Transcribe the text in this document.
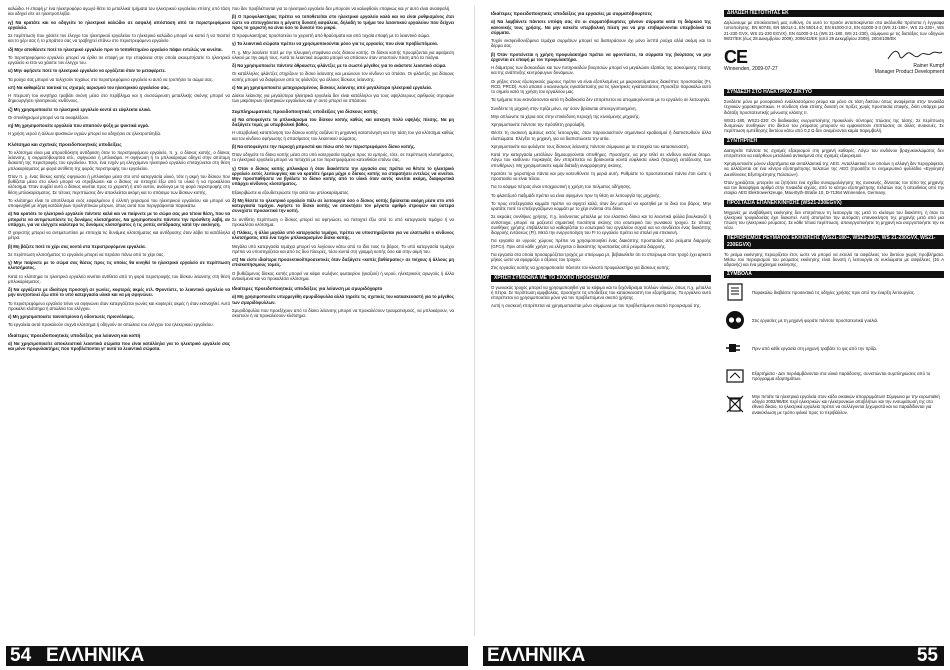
καλώδιο. Η επαφή μ' ένα ηλεκτροφόρο αγωγό θέτει τα μεταλλικά τμήματα του ηλεκτρικού εργαλείου επίσης υπό τάση και οδηγεί είτε σε ηλεκτροπληξία.

ιγ) Να κρατάτε και να οδηγείτε το ηλεκτρικό καλώδιο σε ασφαλή απόσταση από τα περιστρεφόμενα εργαλεία.

Σε περίπτωση που χάσετε τον έλεγχο του ηλεκτρικού εργαλείου το ηλεκτρικό καλώδιο μπορεί να κοπεί ή να πιαστεί και το χέρι σας ή το μπράτσο σας να τραβηχτεί επάνω στο περιστρεφόμενο εργαλείο.

ιδ) Μην αποθέσετε ποτέ το ηλεκτρικό εργαλείο πριν το τοποθετημένο εργαλείο πάψει εντελώς να κινείται.

Το περιστρεφόμενο εργαλείο μπορεί να έρθει σε επαφή με την επιφάνεια στην οποία ακουμπήσατε το ηλεκτρικό εργαλείο κι έτσι να χάσετε τον έλεγχο του.

ιε) Μην αφήσετε ποτέ το ηλεκτρικό εργαλείο να εργάζεται όταν το μεταφέρετε.

Τα ρούχα σας μπορεί να τυλιχτούν τυχαίως στο περιστρεφόμενο εργαλείο κι αυτό να τρυπήσει το σώμα σας.

ιστ) Να καθαρίζετε τακτικά τις σχισμές αερισμού του ηλεκτρικού εργαλείου σας.

Η πτερωτή του κινητήρα τραβάει σκόνη μέσα στο περίβλημα και η συσσώρευση μεταλλικής σκόνης μπορεί να δημιουργήσει ηλεκτρικούς κινδύνους.

ιζ) Μη χρησιμοποιείτε το ηλεκτρικό εργαλείο κοντά σε εύφλεκτα υλικά.

Οι σπινθηρισμοί μπορεί να τα αναφλέξουν.

ιη) Μη χρησιμοποιείτε εργαλεία που απαιτούν ψύξη με ψυκτικά υγρά.

Η χρήση νερού ή άλλων ψυκτικών υγρών μπορεί να οδηγήσει σε ηλεκτροπληξία.

Κλότσημα και σχετικές προειδοποιητικές υποδείξεις

Το κλότσημα είναι μια απροσδόκητη αντίδραση όταν το περιστρεφόμενο εργαλείο, π. χ. ο δίσκος κοπής, ο δίσκος λείανσης, η συρματόβουρτσα κτλ., σφηνώσει ή μπλοκάρει. Η σφήνωση ή το μπλοκάρισμα οδηγεί στην απότομη διακοπή της περιστροφής του εργαλείου. Έτσι, ένα τυχόν μη ελεγχόμενο ηλεκτρικό εργαλείο επιταχύνεται στη θέση μπλοκαρίσματος με φορά αντίθετη της φοράς περιστροφής του εργαλείου.

Όταν π. χ. ένας δίσκος κοπής σφηνώσει ή μπλοκάρει μέσα στο υπό κατεργασία υλικό, τότε η ακμή του δίσκου που βυθίζεται μέσα στο υλικό μπορεί να στρεβλώσει και ο δίσκος να πεταχτεί έξω από το υλικό ή να προκαλέσει κλότσημα. Όταν συμβεί αυτό ο δίσκος κινείται προς το χειριστή ή από αυτόν, ανάλογα με τη φορά περιστροφής στη θέση μπλοκαρίσματος. Σε τέτοιες περιπτώσεις δεν αποκλείεται ακόμη και το σπάσιμο των δίσκων κοπής.

Το κλότσημα είναι το αποτέλεσμα ενός εσφαλμένου ή ελλιπή χειρισμού του ηλεκτρικού εργαλείου και μπορεί να αποφευχθεί με λήψη κατάλληλων προληπτικών μέτρων, όπως αυτά που περιγράφονται παρακάτω.

α) Να κρατάτε το ηλεκτρικό εργαλείο πάντοτε καλά και να παίρνετε με το σώμα σας μια τέτοια θέση, που να μπορείτε να αντιμετωπίσετε τις δυνάμεις κλοτσήματος. Να χρησιμοποιείτε πάντοτε την πρόσθετη λαβή, αν υπάρχει, για να ελέγχετε καλύτερα τις δυνάμεις κλοτσήματος ή τις ροπές αντίδρασης κατά την εκκίνηση.

Ο χειριστής μπορεί να αντιμετωπίσει με επιτυχία τις δυνάμεις κλοτσήματος και αντίδρασης όταν λάβει τα κατάλληλα μέτρα.

β) Μη βάζετε ποτέ το χέρι σας κοντά στα περιστρεφόμενα εργαλεία.

Σε περίπτωση κλοτσήματος το εργαλείο μπορεί να περάσει πάνω από το χέρι σας.

γ) Μην παίρνετε με το σώμα σας θέσεις προς τις οποίες θα κινηθεί το ηλεκτρικό εργαλείο σε περίπτωση κλοτσήματος.

Κατά το κλότσημα το ηλεκτρικό εργαλείο κινείται αντίθετα από τη φορά περιστροφής του δίσκου λείανσης στη θέση μπλοκαρίσματος.

δ) Να εργάζεστε με ιδιαίτερη προσοχή σε γωνίες, κοφτερές ακμές κτλ. Φροντίστε, το λειαντικό εργαλείο να μην κινητοποιεί έξω από το υπό κατεργασία υλικό και να μη σφηνώνει.

Το περιστρεφόμενο εργαλείο τείνει να σφηνώνει όταν κατεργάζεται γωνίες και κοφτερές ακμές ή όταν εκτιναχθεί. Αυτό προκαλεί κλότσημα ή απώλεια του ελέγχου.

ε) Μη χρησιμοποιείτε ταινιοπρίονα ή οδοντωτές πριονόλαμες.

Τα εργαλεία αυτά προκαλούν συχνά κλότσημα ή οδηγούν σε απώλεια του ελέγχου του ηλεκτρικού εργαλείου.

Ιδιαίτερες προειδοποιητικές υποδείξεις για λείανση και κοπή

α) Να χρησιμοποιείτε αποκλειστικά λειαντικά σώματα που είναι κατάλληλα για το ηλεκτρικό εργαλείο σας και μόνο προφυλακτήρες που προβλέπονται γι' αυτά τα λειαντικά σώματα.

που δεν προβλέπονται για το ηλεκτρικό εργαλείο δεν μπορούν να καλυφθούν επαρκώς και γι' αυτό είναι ανασφαλή.

β) Ο προφυλακτήρας πρέπει να τοποθετείται στο ηλεκτρικό εργαλείο καλά και να είναι ρυθμισμένος έτσι ώστε να επιτυγχάνεται η μέγιστη δυνατή ασφάλεια, δηλαδή το τμήμα του λειαντικού εργαλείου που δείχνει προς το χειριστή να είναι όσο το δυνατό πιο μικρό.

Ο προφυλακτήρας προστατεύει το χειριστή από θραύσματα και από τυχαία επαφή με το λειαντικό σώμα.

γ) Τα λειαντικά σώματα πρέπει να χρησιμοποιούνται μόνο για τις εργασίες που είναι προβλεπόμενα.

Π. χ. Μην λειαίνετε ποτέ με την πλευρική επιφάνεια ενός δίσκου κοπής. Οι δίσκοι κοπής προορίζονται για αφαίρεση υλικού με την ακμή τους. Αυτά τα λειαντικά σώματα μπορεί να σπάσουν όταν υποστούν πίεση από τα πλάγια.

δ) Να χρησιμοποιείτε πάντοτε άθραυστες φλάντζες με το σωστό μέγεθος για το εκάστοτε λειαντικό σώμα.

Οι κατάλληλες φλάντζες στηρίζουν το δίσκο λείανσης και μειώνουν τον κίνδυνο να σπάσει. Οι φλάντζες για δίσκους κοπής μπορεί να διαφέρουν από τις φλάντζες για άλλους δίσκους λείανσης.

ε) Να μη χρησιμοποιείτε μεταχειρισμένους δίσκους λείανσης από μεγαλύτερα ηλεκτρικά εργαλεία.

Δίσκοι λείανσης για μεγαλύτερα ηλεκτρικά εργαλεία δεν είναι κατάλληλοι για τους υψηλότερους αριθμούς στροφών των μικρότερων ηλεκτρικών εργαλείων και γι' αυτό μπορεί να σπάσουν.

Συμπληρωματικές προειδοποιητικές υποδείξεις για δίσκους κοπής

α) Να αποφεύγετε το μπλοκάρισμα του δίσκου κοπής καθώς και ασκηση πολύ υψηλής πίεσης. Να μη διεξάγετε τομές με υπερβολικό βάθος.

Η υπερβολική καταπόνηση του δίσκου κοπής αυξάνει τη μηχανική καταπόνηση και την τάση του για κλότσημα καθώς και τον κίνδυνο σφήνωσης ή σπασίματος του λειαντικού σώματος.

β) Να αποφεύγετε την περιοχή μπροστά και πίσω από τον περιστρεφόμενο δίσκο κοπής.

Όταν οδηγείτε το δίσκο κοπής μέσα στο υπό κατεργασία τεμάχιο προς τα εμπρός, τότε, σε περίπτωση κλοτσήματος, το ηλεκτρικό εργαλείο μπορεί να πεταχτεί με τον περιστρεφόμενο κατευθείαν επάνω σας.

γ) Όταν ο δίσκος κοπής μπλοκάρει ή όταν διακόπτετε την εργασία σας πρέπει να θέτετε το ηλεκτρικό εργαλείο εκτός λειτουργίας και να κρατάτε ήρεμα μέχρι ο δίσκος κοπής να σταματήσει εντελώς να κινείται. Μην προσπαθήσετε να βγάλετε το δίσκο κοπής από το υλικό όταν αυτός κινείται ακόμη, διαφορετικά υπάρχει κίνδυνος κλοτσήματος.

Εξακριβώστε κι εξουδετερώστε την αιτία του μπλοκαρίσματος.

δ) Μη θέσετε το ηλεκτρικό εργαλείο πάλι σε λειτουργία όσο ο δίσκος κοπής βρίσκεται ακόμη μέσα στο υπό κατεργασία τεμάχιο. Αφήστε το δίσκο κοπής να αποκτήσει τον μέγιστο αριθμό στροφών και ύστερα συνεχίστε προσεκτικά την κοπή.

Σε αντίθετη περίπτωση ο δίσκος μπορεί να σφηνώσει, να πεταχτεί έξω από το υπό κατεργασία τεμάχιο ή να προκαλέσει κλότσημα.

ε) Πλάκες, ή άλλα μεγάλα υπό κατεργασία τεμάχια, πρέπει να υποστηρίζονται για να ελαττωθεί ο κίνδυνος κλοτσήματος από ένα τυχόν μπλοκαρισμένο δίσκο κοπής.

Μεγάλα υπό κατεργασία τεμάχια μπορεί να λυγίσουν κάτω από το ίδιο τους το βάρος. Το υπό κατεργασία τεμάχιο πρέπει να υποστηρίζεται και από τις δυο πλευρές, τόσο κοντά στη γραμμή κοπής όσο και στην ακμή του.

στ) Να είστε ιδιαίτερα προσεκτικοί/προσεκτικές όταν διεξάγετε «κοπές βυθίσματος» σε τοίχους ή άλλους μη επισκοπήσιμους τομείς.

Ο βυθιζόμενος δίσκος κοπής μπορεί να κόψει σωλήνες φωταερίου (γκαζιού) ή νερού, ηλεκτρικούς αγωγούς ή άλλα αντικείμενα και να προκαλέσει κλότσημα.

Ιδιαίτερες προειδοποιητικές υποδείξεις για λείανση με σμυριδόχαρτο

α) Μη χρησιμοποιείτε υπερμεγέθη σμυριδόφυλλα αλλά τηρείτε τις σχετικές του κατασκευαστή για το μέγεθος των σμυριδόφυλλων.

Σμυριδόφυλλα που προεξέχουν από το δίσκο λείανσης μπορεί να προκαλέσουν τραυματισμούς, να μπλοκάρουν, να σκιστούν ή να προκαλέσουν κλότσημα.

Ιδιαίτερες προειδοποιητικές υποδείξεις για εργασίες με συρματόβουρτσες

α) Να λαμβάνετε πάντοτε υπόψη σας ότι οι συρματόβουρτσες χάνουν σύρματα κατά τη διάρκεια της κανονικής τους χρήσης. Να μην ασκείτε υπερβολική πίεση για να μην επιβαρύνονται υπερβολικά τα σύρματα.

Τυχόν εκσφενδονιζόμενα τεμάχια συρμάτων μπορεί να διαπεράσουν όχι μόνο λεπτά ρούχα αλλά ακόμη και το δέρμα σας.

β) Όταν προτείνεται η χρήση προφυλακτήρα πρέπει να φροντίσετε, τα σύρματα της βούρτσας να μην έρχονται σε επαφή με τον προφυλακτήρα.

Η διάμετρος των δισκοειδών και των ποτηροειδών βουρτσών μπορεί να μεγαλώσει εξαιτίας της ασκούμενης πίεσης και της ανάπτυξης κεντρόφυγων δυνάμεων.

Οι ρήξεις στους εξωτερικούς χώρους πρέπει να είναι εξοπλισμένες με μικροαυτόματους διακόπτες προστασίας (FI, RCD, PRCD). Αυτό απαιτεί ο κανονισμός εγκατάστασης για τις ηλεκτρικές εγκαταστάσεις. Προσέξτε παρακαλώ αυτό το σημείο κατά τη χρήση του εργαλείου μας.

Τα τμήματα που εκτινάσσονται κατά τη διαδικασία δεν επιτρέπεται να απομακρύνονται με το εργαλείο σε λειτουργία.

Συνδέετε τη μηχανή στην πρίζα μόνο, εφ' όσον βρίσκεται απενεργοποιημένη.

Μην απλώνετε τα χέρια σας στην επικίνδυνη περιοχή της κινούμενης μηχανής.

Χρησιμοποιείτε πάντοτε την πρόσθετη χειρολαβή.

Θέστε τη συσκευή αμέσως εκτός λειτουργίας, όταν παρουσιαστούν σημαντικοί κραδασμοί ή διαπιστωθούν άλλα ελαττώματα. Ελέγξτε τη μηχανή, για να διαπιστώσετε την αιτία.

Χρησιμοποιείτε και φυλάγετε τους δίσκους λείανσης πάντοτε σύμφωνα με τα στοιχεία του κατασκευαστή.

Κατά την κατεργασία μετάλλων δημιουργούνται σπινθήρες. Προσέχετε, να μην τεθεί σε κίνδυνο κανένα άτομο. Λόγω του κινδύνου πυρκαγιάς δεν επιτρέπεται να βρίσκονται κοντά εύφλεκτα υλικά (περιοχή εκτόξευσης των σπινθήρων). Μη χρησιμοποιείτε καμία διάταξη αναρρόφησης σκόνης.

Κρατάτε το χειριστήριο πάντα και μην κατευθύνετε τη μεριά αυτή. Ρυθμίστε το προστατευτικό πάντα έτσι ώστε η προστασία να είναι τέλεια.

Για το κόψιμο πέτρας είναι υποχρεωτική η χρήση του πελματος οδήγησης.

Το φλαντζωτό παξιμάδι πρέπει να είναι σφιγμένο πριν τη θέση σε λειτουργία της μηχανής.

Το προς επεξεργασία κομμάτι πρέπει να σφιχτεί καλά, όταν δεν μπορεί να κρατηθεί με το δικό του βάρος. Μην κρατάτε ποτέ το επεξεργαζόμενο κομμάτι με το χέρι ενάντια στο δίσκο.

Σε ακραίες συνθήκες χρήσης, π.χ. λειάνοντας μέταλλα με τον ελαστικό δίσκο και τα λειαντικά φύλλα βουλκανιζέ ή αντίστοιχα, μπορεί να μαζευτεί σημαντική ποσότητα σκόνης στο εσωτερικό του γωνιακού τροχού. Σε τέτοιες συνθήκες χρήσης επιβάλλεται να καθαρίζεται το εσωτερικό του εργαλείου συχνά και να συνδέεται ένας διακόπτης διαρροής εντάσεως (FI). Μετά την ενεργοποίηση του FI το εργαλείο πρέπει να σταλεί για επισκευή.

Για εργασία σε υγρούς χώρους πρέπει να χρησιμοποιηθεί ένας διακόπτης προστασίας από ρεύματα διαρροής (GFCI). Πριν από κάθε χρήση να ελέγχεται ο διακόπτης προστασίας από ρεύματα διαρροής.

Για εργασία στα οποία προσαρμόζεται τροχός με σπείρωμα μτ, βεβαιωθείτε ότι το σπείρωμα στον τροχό έχει αρκετό μήκος ώστε να εφαρμόζει ο άξονας του τροχού.

Στις εργασίες κοπής να χρησιμοποιείτε πάντοτε τον κλειστό προφυλακτήρα για δίσκους κοπής.

ΧΡΗΣΗ ΣΥΜΦΩΝΑ ΜΕ ΤΟ ΣΚΟΠΟ ΠΡΟΟΡΙΣΜΟΥ

Ο γωνιακός τροχός μπορεί να χρησιμοποιηθεί για το κόψιμο και το ξεχόνδρισμα πολλών υλικών, όπως π.χ. μέταλλο ή πέτρα. Σε περίπτωση αμφιβολίας, προσέχετε τις υποδείξεις του κατασκευαστή του εξαρτήματος. Το εργαλείο αυτό επιτρέπεται να χρησιμοποιείται μόνο για τον προβλεπόμενο σκοπό χρήσης.

Αυτή η συσκευή επιτρέπεται να χρησιμοποιείται μόνο σύμφωνα με τον προβλεπόμενο σκοπό προορισμού της.

ΔΗΛΩΣΗ ΠΙΣΤΟΤΗΤΑΣ ΕΚ

Δηλώνουμε με αποκλειστική μας ευθύνη, ότι αυτό το προϊόν ανταποκρίνεται στα ακόλουθα πρότυπα ή έγγραφα τυποποίησης. EN 60745, EN 55014-1, EN 55014-2, EN 61000-3-2, EN 61000-3-3 (WS 21-180+, WS 21-230+, WS 21-230 GVX, WS 21-230 EGVX), EN 61000-3-11 (WS 21-180, WS 21-230), σύμφωνα με τις διατάξεις των οδηγιών 98/37/EK (έως 28 Δεκεμβρίου 2009), 2006/42/EK (από 29 Δεκεμβρίου 2009), 2004/108/EK

CE
Winnenden, 2009-07-27	Rainer Kumpf
Manager Product Development
ΣΥΝΔΕΣΗ ΣΤΟ ΗΛΕΚΤΡΙΚΟ ΔΙΚΤΥΟ

Συνδέετε μόνο με μονοφασικό εναλλασσόμενο ρεύμα και μόνο σε τάση δικτύου όπως αναφέρεται στην πινακίδα τεχνικών χαρακτηριστικών. Η σύνδεση είναι επίσης δυνατή σε πρίζες χωρίς προστασία επαφής, διότι υπάρχει μια διάταξη προστατευτικής μόνωσης κλάσης ΙΙ.

WS21-180, WS21-230: Οι διαδικασίες ενεργοποίησης προκαλούν σύντομες πτώσεις της τάσης. Σε περίπτωση δυσμενών συνθηκών στο δίκτυο του ρεύματος μπορούν να εμφανιστούν επιπτώσεις σε άλλες συσκευές. Σε περίπτωση εμπέδησης δικτύου κάτω από 0,2 Ω δεν αναμένονται καμία παρεμβολή.

ΣΥΝΤΗΡΗΣΗ

Διατηρείτε πάντοτε τις σχισμές εξαερισμού στη μηχανή καθαρές. Λόγω του κινδύνου βραχυκυκλώματος δεν επιτρέπεται να εισέρθουν μεταλλικά αντικείμενα στις σχισμές εξαερισμού.

Χρησιμοποιείτε μόνον εξαρτήματα και ανταλλακτικά της AEG. Ανταλλακτικά των οποίων η αλλαγή δεν περιγράφεται, να αλλάζονται σε ένα κέντρο εξυπηρέτησης πελατών της AEG (προσέξτε το ενημερωτικό φυλλάδιο «Εγγύηση/Διευθύνσεις Εξυπηρέτησης Πελατών»).

Όταν χρειάζεται, μπορείτε να ζητήσετε ένα σχέδιο συναρμολόγησης της συσκευής, δίνοντας τον τύπο της μηχανής και τον δεκαψήφιο αριθμό στην πινακίδα ισχύος, από το κέντρο εξυπηρέτησης πελατών σας ή απευθείας από την εταιρία AEG Elektrowerkzeuge, Max-Eyth-Straße 10, D-71364 Winnenden, Germany.

ΠΡΟΣΤΑΣΙΑ ΕΠΑΝΕΚΚΙΝΗΣΗΣ (WS21-230EGVX)

Μηχανές με αναβάθμιση εκκίνησης δεν επιτρέπουν τη λειτουργία της μετά το κλείσιμο του διακόπτη, ή όταν το ηλεκτρικό τροφοδοσίας έχει διακοπεί. Αυτή αποτρέπει την αυτόματη επανεκκίνηση της μηχανής μετά από μια πτώση του ηλεκτρικού ρεύματος. Σε κάθε τέτοια περίπτωση, απενεργοποιήστε τη μηχανή και ενεργοποιήστε την εκ νέου.

ΠΕΡΙΟΡΙΣΜΟΣ ΡΕΥΜΑΤΟΣ ΕΚΚΙΝΗΣΗΣ (WS21-180+, WS21-230+, WS 21-230GVX, WS21-230EGVX)

Το ρεύμα εκκίνησης περιορίζεται έτσι, ώστε να μπορεί να εκτελεί τα ασφάλειες του δικτύου χωρίς προβλήματα. Μέσω του περιορισμού του ρεύματος εκκίνησης είναι δυνατή η λειτουργία σε κυκλώματα με ασφάλειες (16 A αδρανής) και ένα μηχάνημα εκκίνησης.

ΣΥΜΒΟΛΑ
Παρακαλώ διαβάστε προσεκτικά τις οδηγίες χρήσης πριν από την έναρξη λειτουργίας.
Στις εργασίες με τη μηχανή φοράτε πάντοτε προστατευτικά γυαλιά.
Πριν από κάθε εργασία στη μηχανή τραβάτε το φις από την πρίζα.
Εξαρτήματα - Δεν περιλαμβάνονται στα υλικά παράδοσης, συνιστώνται συμπληρώσεις από το πρόγραμμα εξαρτημάτων.
Μην πετάτε τα ηλεκτρικά εργαλεία στον κάδο οικιακών απορριμμάτων! Σύμφωνα με την ευρωπαϊκή οδηγία 2002/96/ΕΚ περί ηλεκτρικών και ηλεκτρονικών αποβλήτων και την ενσωμάτωσή της στο εθνικό δίκαιο, τα ηλεκτρικά εργαλεία πρέπει να συλλέγονται ξεχωριστά και να παραδίδονται για ανακύκλωση με τρόπο φιλικό προς το περιβάλλον.
54 ΕΛΛΗΝΙΚΑ	ΕΛΛΗΝΙΚΑ	55
